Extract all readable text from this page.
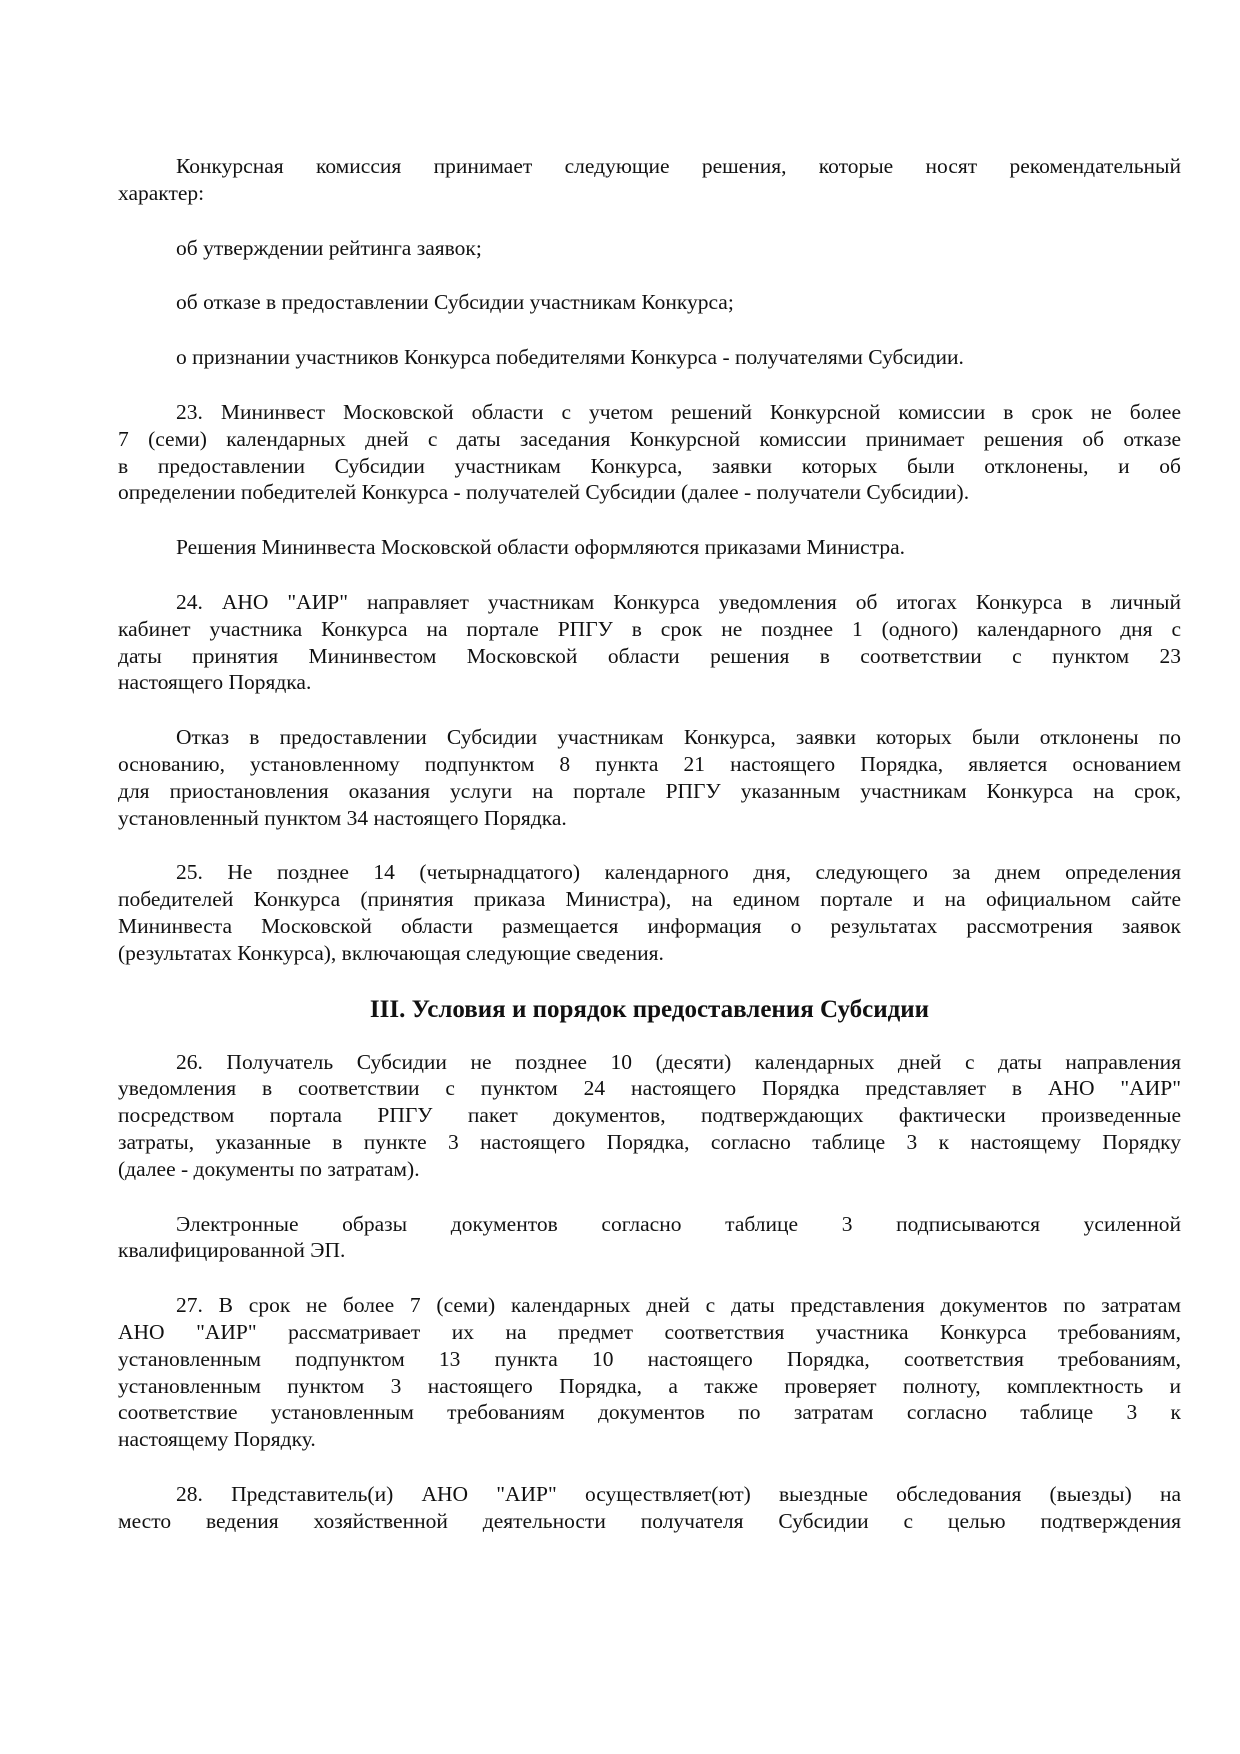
Конкурсная комиссия принимает следующие решения, которые носят рекомендательный
характер:
об утверждении рейтинга заявок;
об отказе в предоставлении Субсидии участникам Конкурса;
о признании участников Конкурса победителями Конкурса - получателями Субсидии.
23. Мининвест Московской области с учетом решений Конкурсной комиссии в срок не более
7 (семи) календарных дней с даты заседания Конкурсной комиссии принимает решения об отказе
в предоставлении Субсидии участникам Конкурса, заявки которых были отклонены, и об
определении победителей Конкурса - получателей Субсидии (далее - получатели Субсидии).
Решения Мининвеста Московской области оформляются приказами Министра.
24. АНО "АИР" направляет участникам Конкурса уведомления об итогах Конкурса в личный
кабинет участника Конкурса на портале РПГУ в срок не позднее 1 (одного) календарного дня с
даты принятия Мининвестом Московской области решения в соответствии с пунктом 23
настоящего Порядка.
Отказ в предоставлении Субсидии участникам Конкурса, заявки которых были отклонены по
основанию, установленному подпунктом 8 пункта 21 настоящего Порядка, является основанием
для приостановления оказания услуги на портале РПГУ указанным участникам Конкурса на срок,
установленный пунктом 34 настоящего Порядка.
25. Не позднее 14 (четырнадцатого) календарного дня, следующего за днем определения
победителей Конкурса (принятия приказа Министра), на едином портале и на официальном сайте
Мининвеста Московской области размещается информация о результатах рассмотрения заявок
(результатах Конкурса), включающая следующие сведения.
III. Условия и порядок предоставления Субсидии
26. Получатель Субсидии не позднее 10 (десяти) календарных дней с даты направления
уведомления в соответствии с пунктом 24 настоящего Порядка представляет в АНО "АИР"
посредством портала РПГУ пакет документов, подтверждающих фактически произведенные
затраты, указанные в пункте 3 настоящего Порядка, согласно таблице 3 к настоящему Порядку
(далее - документы по затратам).
Электронные образы документов согласно таблице 3 подписываются усиленной
квалифицированной ЭП.
27. В срок не более 7 (семи) календарных дней с даты представления документов по затратам
АНО "АИР" рассматривает их на предмет соответствия участника Конкурса требованиям,
установленным подпунктом 13 пункта 10 настоящего Порядка, соответствия требованиям,
установленным пунктом 3 настоящего Порядка, а также проверяет полноту, комплектность и
соответствие установленным требованиям документов по затратам согласно таблице 3 к
настоящему Порядку.
28. Представитель(и) АНО "АИР" осуществляет(ют) выездные обследования (выезды) на
место ведения хозяйственной деятельности получателя Субсидии с целью подтверждения
